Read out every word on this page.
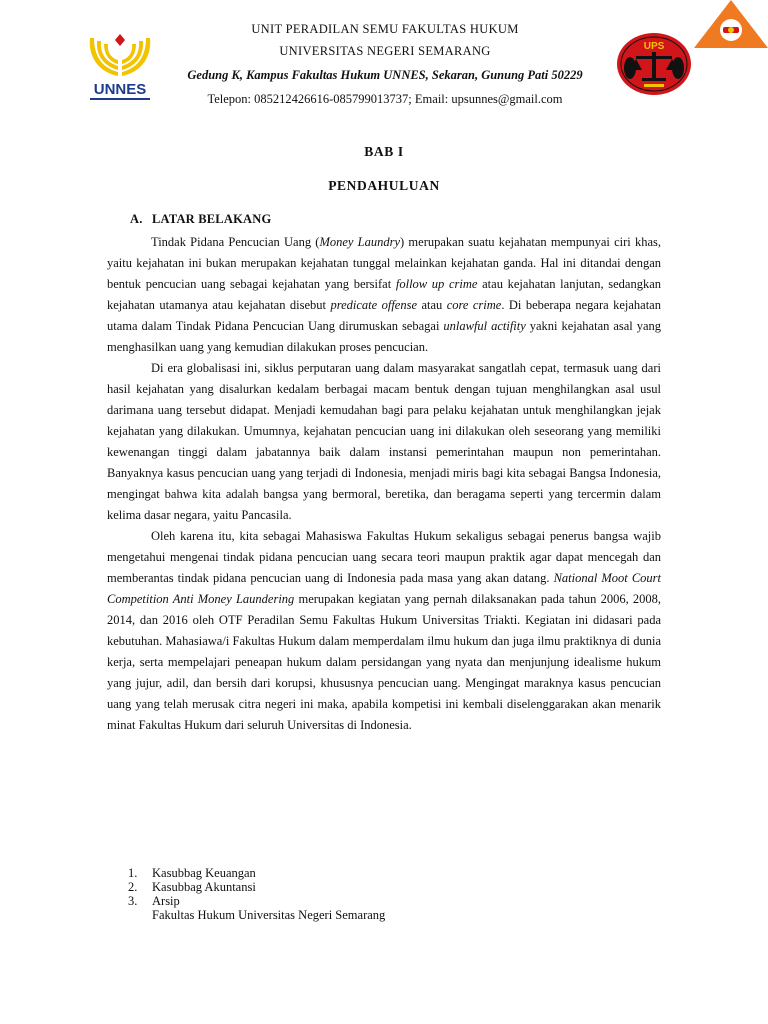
UNNES
UPS
UNIT PERADILAN SEMU FAKULTAS HUKUM
UNIVERSITAS NEGERI SEMARANG
Gedung K, Kampus Fakultas Hukum UNNES, Sekaran, Gunung Pati 50229
Telepon: 085212426616-085799013737; Email: upsunnes@gmail.com
BAB I
PENDAHULUAN
A. LATAR BELAKANG

Tindak Pidana Pencucian Uang (Money Laundry) merupakan suatu kejahatan mempunyai ciri khas, yaitu kejahatan ini bukan merupakan kejahatan tunggal melainkan kejahatan ganda. Hal ini ditandai dengan bentuk pencucian uang sebagai kejahatan yang bersifat follow up crime atau kejahatan lanjutan, sedangkan kejahatan utamanya atau kejahatan disebut predicate offense atau core crime. Di beberapa negara kejahatan utama dalam Tindak Pidana Pencucian Uang dirumuskan sebagai unlawful actifity yakni kejahatan asal yang menghasilkan uang yang kemudian dilakukan proses pencucian.

Di era globalisasi ini, siklus perputaran uang dalam masyarakat sangatlah cepat, termasuk uang dari hasil kejahatan yang disalurkan kedalam berbagai macam bentuk dengan tujuan menghilangkan asal usul darimana uang tersebut didapat. Menjadi kemudahan bagi para pelaku kejahatan untuk menghilangkan jejak kejahatan yang dilakukan. Umumnya, kejahatan pencucian uang ini dilakukan oleh seseorang yang memiliki kewenangan tinggi dalam jabatannya baik dalam instansi pemerintahan maupun non pemerintahan. Banyaknya kasus pencucian uang yang terjadi di Indonesia, menjadi miris bagi kita sebagai Bangsa Indonesia, mengingat bahwa kita adalah bangsa yang bermoral, beretika, dan beragama seperti yang tercermin dalam kelima dasar negara, yaitu Pancasila.

Oleh karena itu, kita sebagai Mahasiswa Fakultas Hukum sekaligus sebagai penerus bangsa wajib mengetahui mengenai tindak pidana pencucian uang secara teori maupun praktik agar dapat mencegah dan memberantas tindak pidana pencucian uang di Indonesia pada masa yang akan datang. National Moot Court Competition Anti Money Laundering merupakan kegiatan yang pernah dilaksanakan pada tahun 2006, 2008, 2014, dan 2016 oleh OTF Peradilan Semu Fakultas Hukum Universitas Triakti. Kegiatan ini didasari pada kebutuhan. Mahasiawa/i Fakultas Hukum dalam memperdalam ilmu hukum dan juga ilmu praktiknya di dunia kerja, serta mempelajari peneapan hukum dalam persidangan yang nyata dan menjunjung idealisme hukum yang jujur, adil, dan bersih dari korupsi, khususnya pencucian uang. Mengingat maraknya kasus pencucian uang yang telah merusak citra negeri ini maka, apabila kompetisi ini kembali diselenggarakan akan menarik minat Fakultas Hukum dari seluruh Universitas di Indonesia.

1. Kasubbag Keuangan
2. Kasubbag Akuntansi
3. Arsip
Fakultas Hukum Universitas Negeri Semarang
